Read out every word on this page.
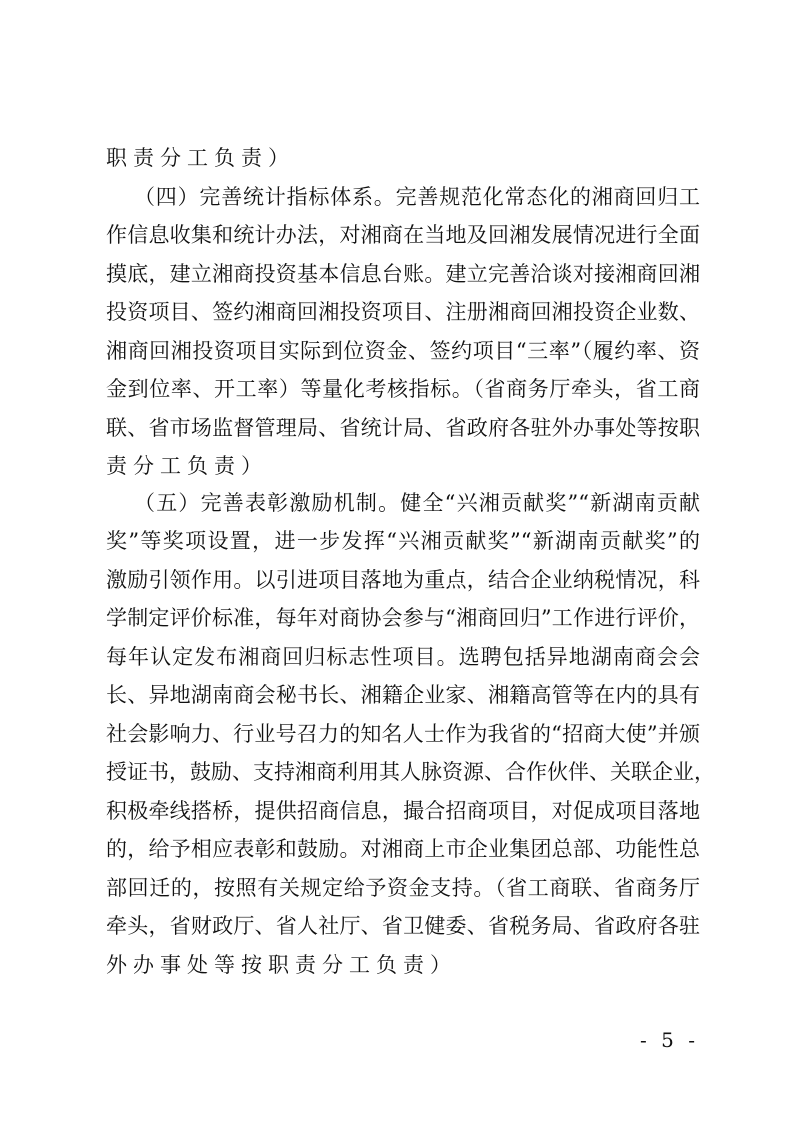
职责分工负责）
（四）完善统计指标体系。完善规范化常态化的湘商回归工
作信息收集和统计办法，对湘商在当地及回湘发展情况进行全面
摸底，建立湘商投资基本信息台账。建立完善洽谈对接湘商回湘
投资项目、签约湘商回湘投资项目、注册湘商回湘投资企业数、
湘商回湘投资项目实际到位资金、签约项目“三率”（履约率、资
金到位率、开工率）等量化考核指标。（省商务厅牵头，省工商
联、省市场监督管理局、省统计局、省政府各驻外办事处等按职
责分工负责）
（五）完善表彰激励机制。健全“兴湘贡献奖”“新湖南贡献
奖”等奖项设置，进一步发挥“兴湘贡献奖”“新湖南贡献奖”的
激励引领作用。以引进项目落地为重点，结合企业纳税情况，科
学制定评价标准，每年对商协会参与“湘商回归”工作进行评价，
每年认定发布湘商回归标志性项目。选聘包括异地湖南商会会
长、异地湖南商会秘书长、湘籍企业家、湘籍高管等在内的具有
社会影响力、行业号召力的知名人士作为我省的“招商大使”并颁
授证书，鼓励、支持湘商利用其人脉资源、合作伙伴、关联企业，
积极牵线搭桥，提供招商信息，撮合招商项目，对促成项目落地
的，给予相应表彰和鼓励。对湘商上市企业集团总部、功能性总
部回迁的，按照有关规定给予资金支持。（省工商联、省商务厅
牵头，省财政厅、省人社厅、省卫健委、省税务局、省政府各驻
外办事处等按职责分工负责）
- 5 -
